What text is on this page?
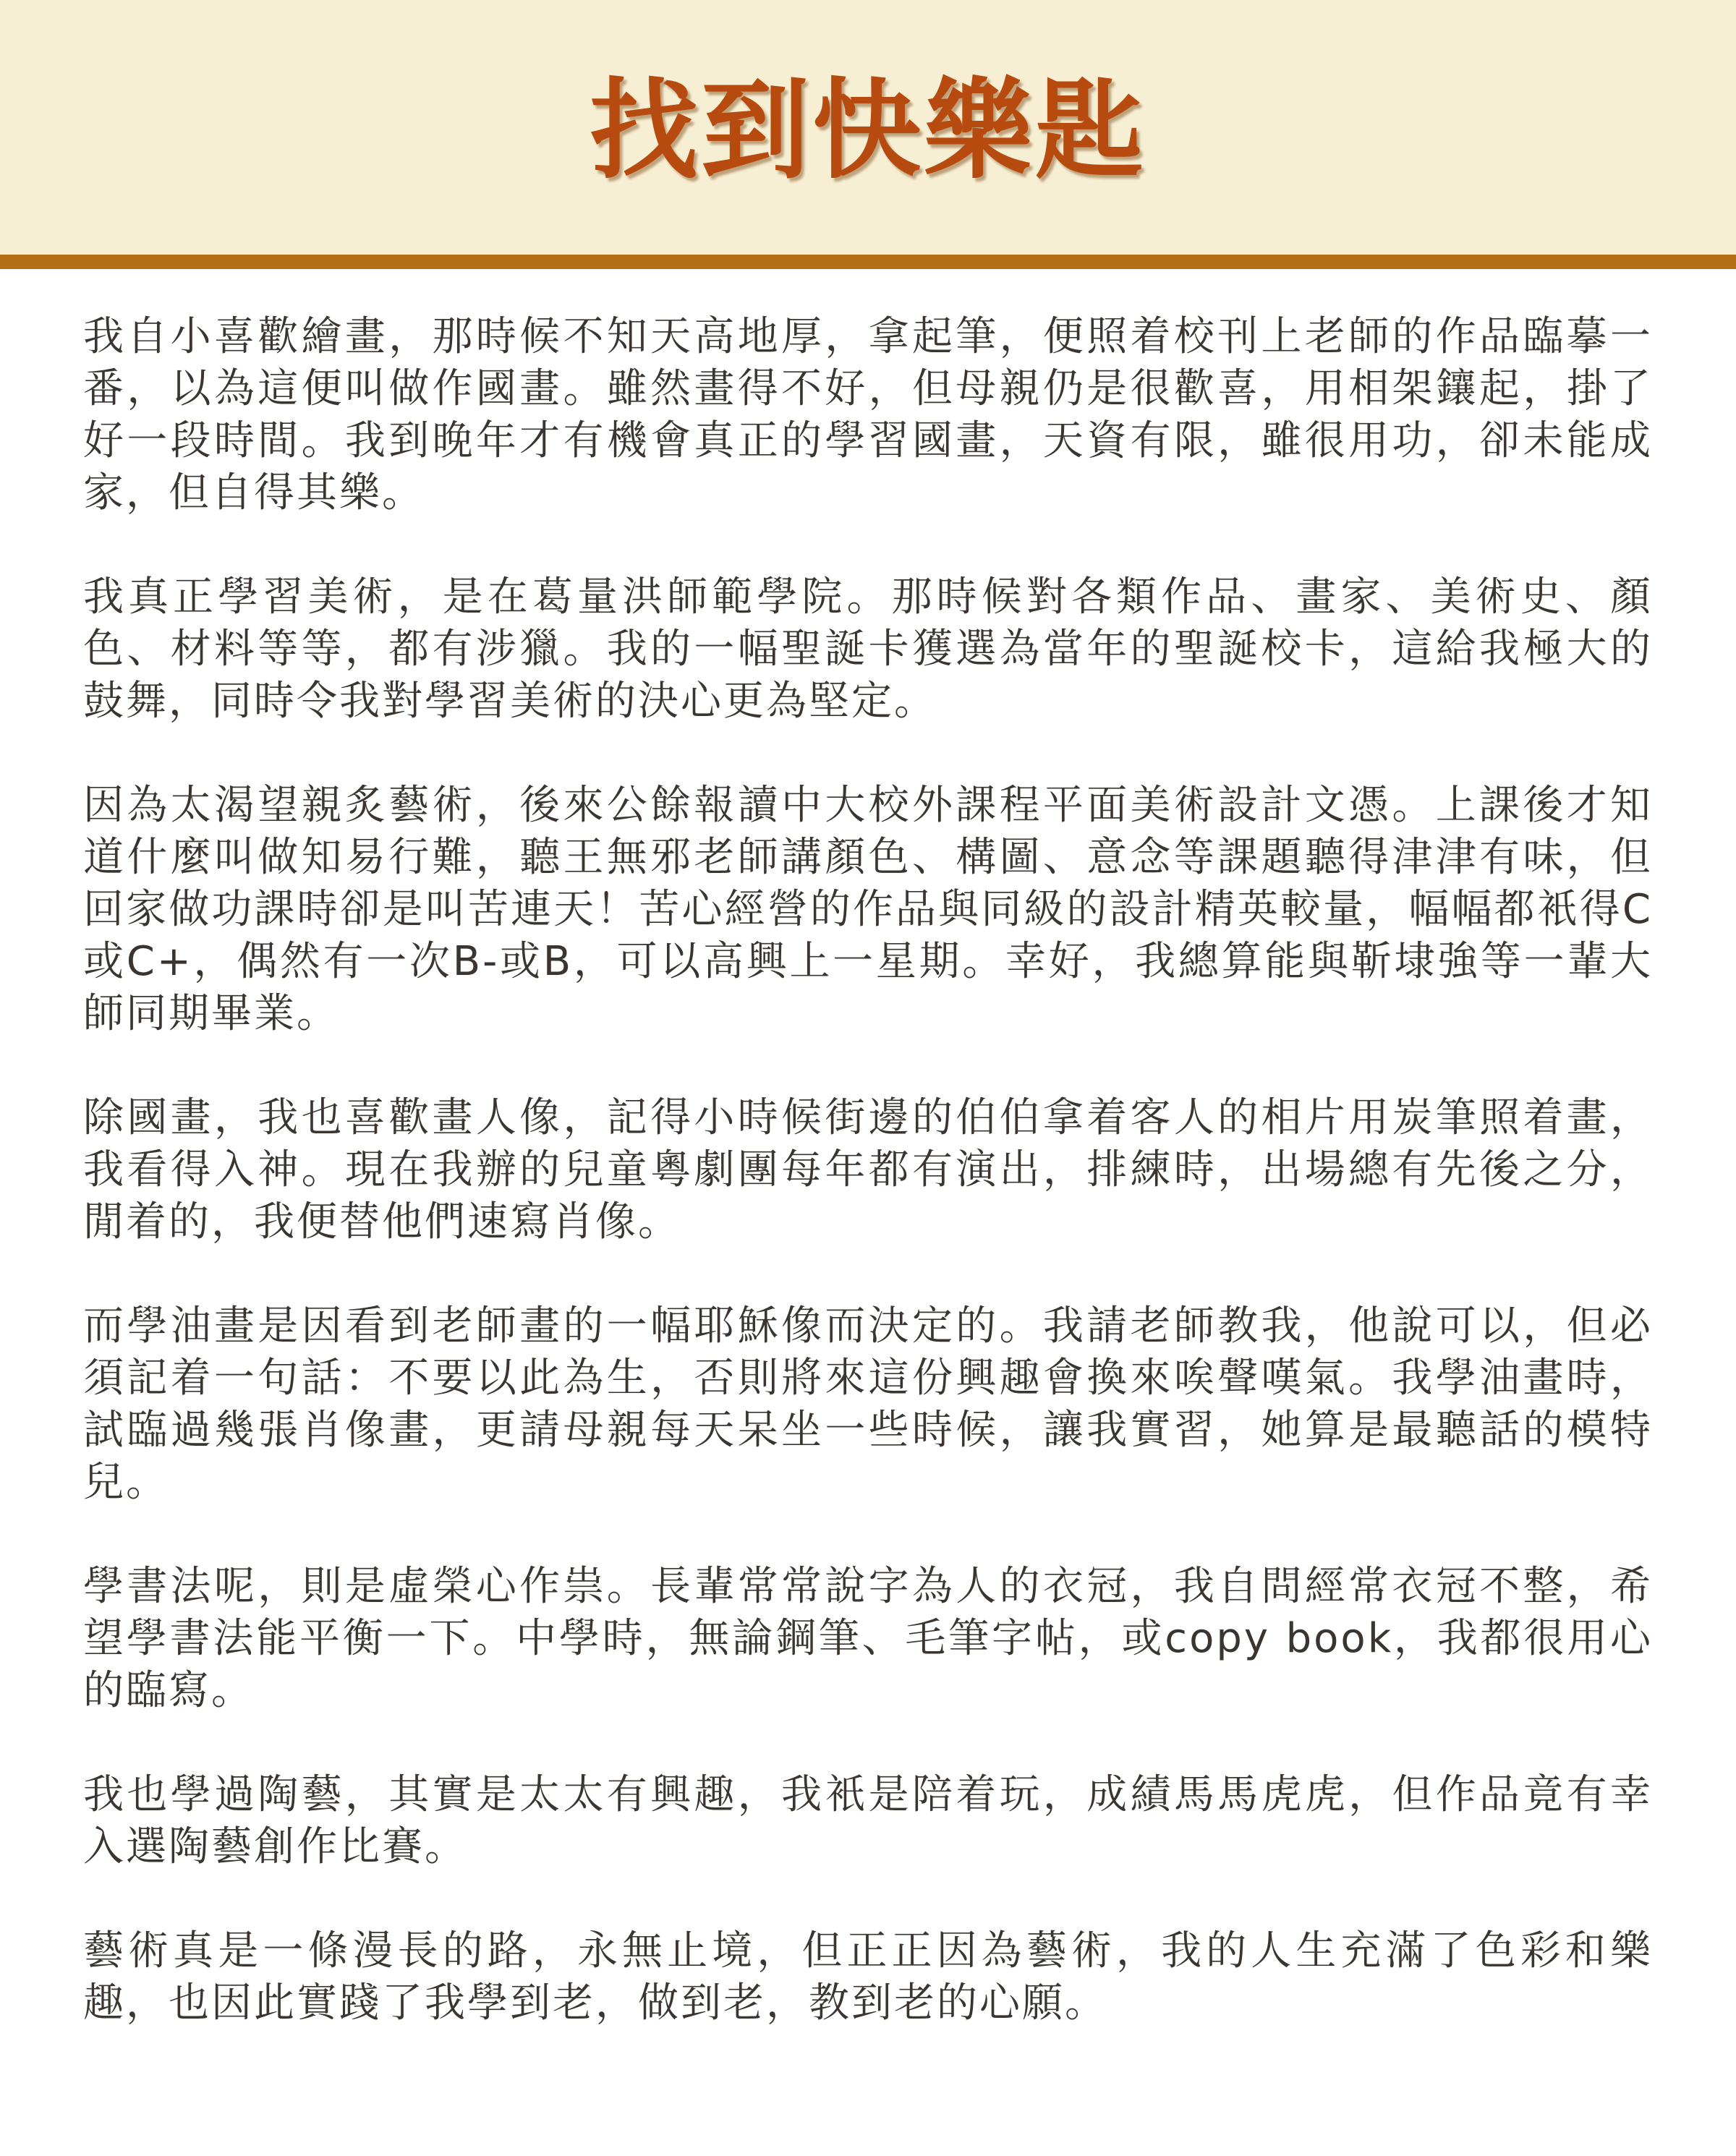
找到快樂匙

我自小喜歡繪畫，那時候不知天高地厚，拿起筆，便照着校刊上老師的作品臨摹一番，以為這便叫做作國畫。雖然畫得不好，但母親仍是很歡喜，用相架鑲起，掛了好一段時間。我到晚年才有機會真正的學習國畫，天資有限，雖很用功，卻未能成家，但自得其樂。

我真正學習美術，是在葛量洪師範學院。那時候對各類作品、畫家、美術史、顏色、材料等等，都有涉獵。我的一幅聖誕卡獲選為當年的聖誕校卡，這給我極大的鼓舞，同時令我對學習美術的決心更為堅定。

因為太渴望親炙藝術，後來公餘報讀中大校外課程平面美術設計文憑。上課後才知道什麼叫做知易行難，聽王無邪老師講顏色、構圖、意念等課題聽得津津有味，但回家做功課時卻是叫苦連天！苦心經營的作品與同級的設計精英較量，幅幅都衹得C或C+，偶然有一次B-或B，可以高興上一星期。幸好，我總算能與靳埭強等一輩大師同期畢業。

除國畫，我也喜歡畫人像，記得小時候街邊的伯伯拿着客人的相片用炭筆照着畫，我看得入神。現在我辦的兒童粵劇團每年都有演出，排練時，出場總有先後之分，閒着的，我便替他們速寫肖像。

而學油畫是因看到老師畫的一幅耶穌像而決定的。我請老師教我，他說可以，但必須記着一句話：不要以此為生，否則將來這份興趣會換來唉聲嘆氣。我學油畫時，試臨過幾張肖像畫，更請母親每天呆坐一些時候，讓我實習，她算是最聽話的模特兒。

學書法呢，則是虛榮心作祟。長輩常常說字為人的衣冠，我自問經常衣冠不整，希望學書法能平衡一下。中學時，無論鋼筆、毛筆字帖，或copy book，我都很用心的臨寫。

我也學過陶藝，其實是太太有興趣，我衹是陪着玩，成績馬馬虎虎，但作品竟有幸入選陶藝創作比賽。

藝術真是一條漫長的路，永無止境，但正正因為藝術，我的人生充滿了色彩和樂趣，也因此實踐了我學到老，做到老，教到老的心願。
